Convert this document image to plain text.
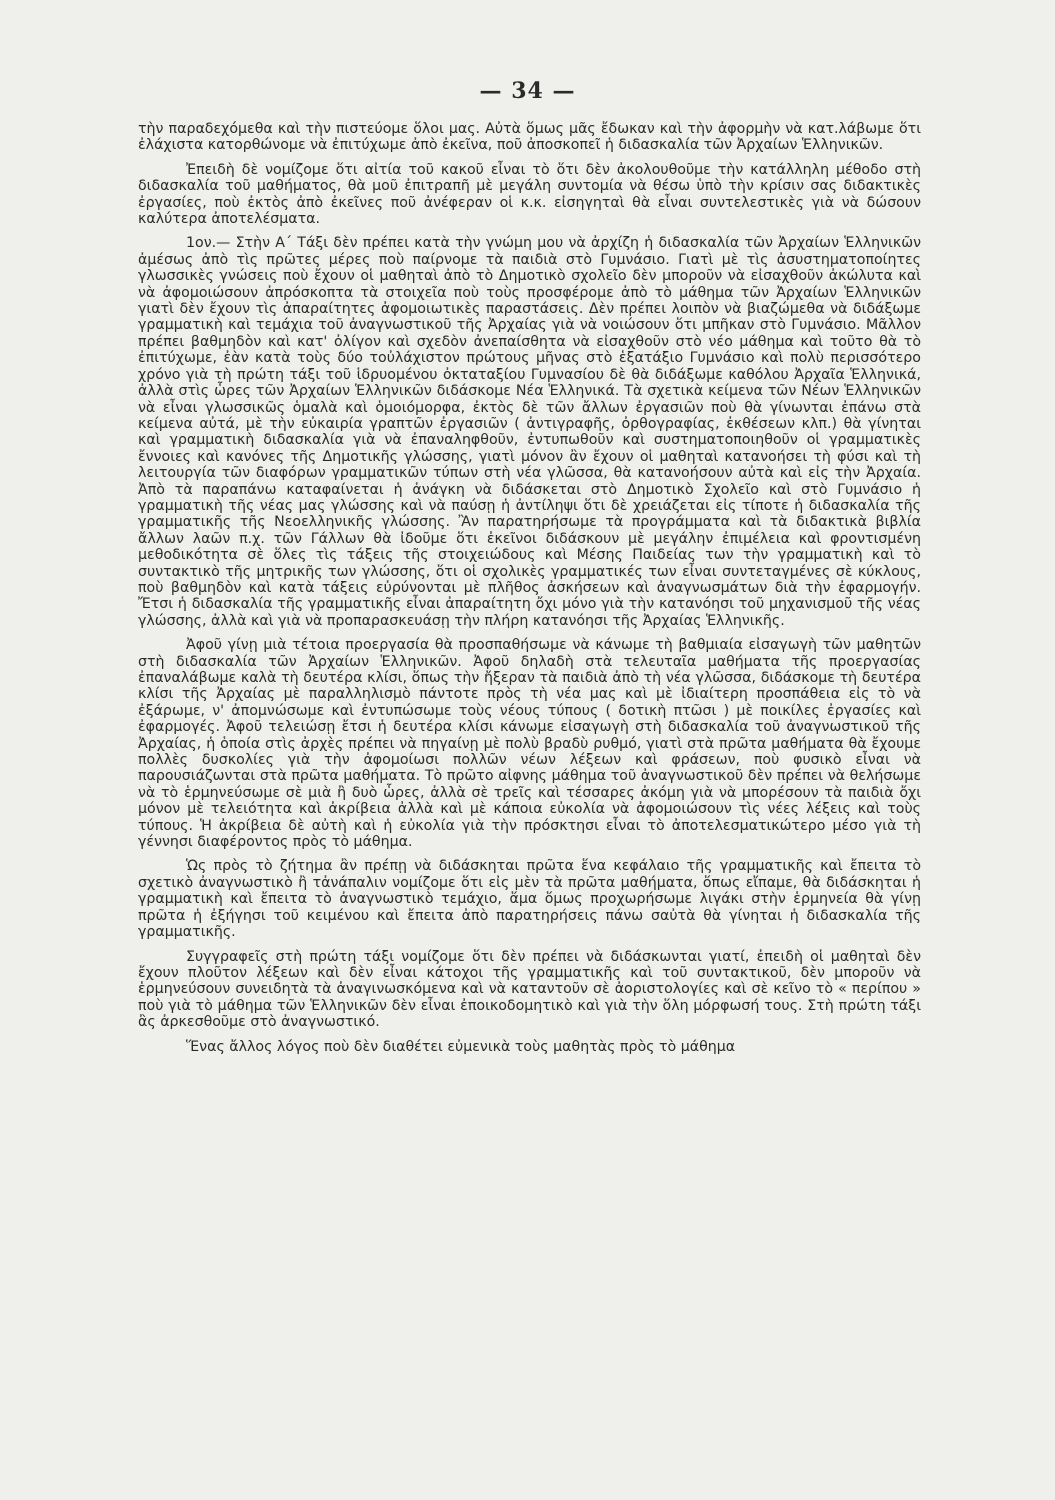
— 34 —

τὴν παραδεχόμεθα καὶ τὴν πιστεύομε ὅλοι μας. Αὐτὰ ὅμως μᾶς ἔδωκαν καὶ τὴν ἀφορμὴν νὰ κατ.λάβωμε ὅτι ἐλάχιστα κατορθώνομε νὰ ἐπιτύχωμε ἀπὸ ἐκεῖνα, ποῦ ἀποσκοπεῖ ἡ διδασκαλία τῶν Ἀρχαίων Ἑλληνικῶν.

Ἐπειδὴ δὲ νομίζομε ὅτι αἰτία τοῦ κακοῦ εἶναι τὸ ὅτι δὲν ἀκολουθοῦμε τὴν κατάλληλη μέθοδο στὴ διδασκαλία τοῦ μαθήματος, θὰ μοῦ ἐπιτραπῆ μὲ μεγάλη συντομία νὰ θέσω ὑπὸ τὴν κρίσιν σας διδακτικὲς ἐργασίες, ποὺ ἐκτὸς ἀπὸ ἐκεῖνες ποῦ ἀνέφεραν οἱ κ.κ. εἰσηγηταὶ θὰ εἶναι συντελεστικὲς γιὰ νὰ δώσουν καλύτερα ἀποτελέσματα.

1ον.— Στὴν Α΄ Τάξι δὲν πρέπει κατὰ τὴν γνώμη μου νὰ ἀρχίζη ἡ διδασκαλία τῶν Ἀρχαίων Ἑλληνικῶν ἀμέσως ἀπὸ τὶς πρῶτες μέρες ποὺ παίρνομε τὰ παιδιὰ στὸ Γυμνάσιο. Γιατὶ μὲ τὶς ἀσυστηματοποίητες γλωσσικὲς γνώσεις ποὺ ἔχουν οἱ μαθηταὶ ἀπὸ τὸ Δημοτικὸ σχολεῖο δὲν μποροῦν νὰ εἰσαχθοῦν ἀκώλυτα καὶ νὰ ἀφομοιώσουν ἀπρόσκοπτα τὰ στοιχεῖα ποὺ τοὺς προσφέρομε ἀπὸ τὸ μάθημα τῶν Ἀρχαίων Ἑλληνικῶν γιατὶ δὲν ἔχουν τὶς ἀπαραίτητες ἀφομοιωτικὲς παραστάσεις. Δὲν πρέπει λοιπὸν νὰ βιαζώμεθα νὰ διδάξωμε γραμματικὴ καὶ τεμάχια τοῦ ἀναγνωστικοῦ τῆς Ἀρχαίας γιὰ νὰ νοιώσουν ὅτι μπῆκαν στὸ Γυμνάσιο. Μᾶλλον πρέπει βαθμηδὸν καὶ κατ' ὀλίγον καὶ σχεδὸν ἀνεπαίσθητα νὰ εἰσαχθοῦν στὸ νέο μάθημα καὶ τοῦτο θὰ τὸ ἐπιτύχωμε, ἐὰν κατὰ τοὺς δύο τοὐλάχιστον πρώτους μῆνας στὸ ἑξατάξιο Γυμνάσιο καὶ πολὺ περισσότερο χρόνο γιὰ τὴ πρώτη τάξι τοῦ ἱδρυομένου ὀκταταξίου Γυμνασίου δὲ θὰ διδάξωμε καθόλου Ἀρχαῖα Ἑλληνικά, ἀλλὰ στὶς ὧρες τῶν Ἀρχαίων Ἑλληνικῶν διδάσκομε Νέα Ἑλληνικά. Τὰ σχετικὰ κείμενα τῶν Νέων Ἑλληνικῶν νὰ εἶναι γλωσσικῶς ὁμαλὰ καὶ ὁμοιόμορφα, ἐκτὸς δὲ τῶν ἄλλων ἐργασιῶν ποὺ θὰ γίνωνται ἐπάνω στὰ κείμενα αὐτά, μὲ τὴν εὐκαιρία γραπτῶν ἐργασιῶν ( ἀντιγραφῆς, ὀρθογραφίας, ἐκθέσεων κλπ.) θὰ γίνηται καὶ γραμματικὴ διδασκαλία γιὰ νὰ ἐπαναληφθοῦν, ἐντυπωθοῦν καὶ συστηματοποιηθοῦν οἱ γραμματικὲς ἔννοιες καὶ κανόνες τῆς Δημοτικῆς γλώσσης, γιατὶ μόνον ἂν ἔχουν οἱ μαθηταὶ κατανοήσει τὴ φύσι καὶ τὴ λειτουργία τῶν διαφόρων γραμματικῶν τύπων στὴ νέα γλῶσσα, θὰ κατανοήσουν αὐτὰ καὶ εἰς τὴν Ἀρχαία. Ἀπὸ τὰ παραπάνω καταφαίνεται ἡ ἀνάγκη νὰ διδάσκεται στὸ Δημοτικὸ Σχολεῖο καὶ στὸ Γυμνάσιο ἡ γραμματικὴ τῆς νέας μας γλώσσης καὶ νὰ παύσῃ ἡ ἀντίληψι ὅτι δὲ χρειάζεται εἰς τίποτε ἡ διδασκαλία τῆς γραμματικῆς τῆς Νεοελληνικῆς γλώσσης. Ἂν παρατηρήσωμε τὰ προγράμματα καὶ τὰ διδακτικὰ βιβλία ἄλλων λαῶν π.χ. τῶν Γάλλων θὰ ἰδοῦμε ὅτι ἐκεῖνοι διδάσκουν μὲ μεγάλην ἐπιμέλεια καὶ φροντισμένη μεθοδικότητα σὲ ὅλες τὶς τάξεις τῆς στοιχειώδους καὶ Μέσης Παιδείας των τὴν γραμματικὴ καὶ τὸ συντακτικὸ τῆς μητρικῆς των γλώσσης, ὅτι οἱ σχολικὲς γραμματικές των εἶναι συντεταγμένες σὲ κύκλους, ποὺ βαθμηδὸν καὶ κατὰ τάξεις εὐρύνονται μὲ πλῆθος ἀσκήσεων καὶ ἀναγνωσμάτων διὰ τὴν ἐφαρμογήν. Ἔτσι ἡ διδασκαλία τῆς γραμματικῆς εἶναι ἀπαραίτητη ὄχι μόνο γιὰ τὴν κατανόησι τοῦ μηχανισμοῦ τῆς νέας γλώσσης, ἀλλὰ καὶ γιὰ νὰ προπαρασκευάσῃ τὴν πλήρη κατανόησι τῆς Ἀρχαίας Ἑλληνικῆς.

Ἀφοῦ γίνῃ μιὰ τέτοια προεργασία θὰ προσπαθήσωμε νὰ κάνωμε τὴ βαθμιαία εἰσαγωγὴ τῶν μαθητῶν στὴ διδασκαλία τῶν Ἀρχαίων Ἑλληνικῶν. Ἀφοῦ δηλαδὴ στὰ τελευταῖα μαθήματα τῆς προεργασίας ἐπαναλάβωμε καλὰ τὴ δευτέρα κλίσι, ὅπως τὴν ἤξεραν τὰ παιδιὰ ἀπὸ τὴ νέα γλῶσσα, διδάσκομε τὴ δευτέρα κλίσι τῆς Ἀρχαίας μὲ παραλληλισμὸ πάντοτε πρὸς τὴ νέα μας καὶ μὲ ἰδιαίτερη προσπάθεια εἰς τὸ νὰ ἐξάρωμε, ν' ἀπομνώσωμε καὶ ἐντυπώσωμε τοὺς νέους τύπους ( δοτικὴ πτῶσι ) μὲ ποικίλες ἐργασίες καὶ ἐφαρμογές. Ἀφοῦ τελειώσῃ ἔτσι ἡ δευτέρα κλίσι κάνωμε εἰσαγωγὴ στὴ διδασκαλία τοῦ ἀναγνωστικοῦ τῆς Ἀρχαίας, ἡ ὁποία στὶς ἀρχὲς πρέπει νὰ πηγαίνῃ μὲ πολὺ βραδὺ ρυθμό, γιατὶ στὰ πρῶτα μαθήματα θὰ ἔχουμε πολλὲς δυσκολίες γιὰ τὴν ἀφομοίωσι πολλῶν νέων λέξεων καὶ φράσεων, ποὺ φυσικὸ εἶναι νὰ παρουσιάζωνται στὰ πρῶτα μαθήματα. Τὸ πρῶτο αἰφνης μάθημα τοῦ ἀναγνωστικοῦ δὲν πρέπει νὰ θελήσωμε νὰ τὸ ἑρμηνεύσωμε σὲ μιὰ ἢ δυὸ ὧρες, ἀλλὰ σὲ τρεῖς καὶ τέσσαρες ἀκόμη γιὰ νὰ μπορέσουν τὰ παιδιὰ ὄχι μόνον μὲ τελειότητα καὶ ἀκρίβεια ἀλλὰ καὶ μὲ κάποια εὐκολία νὰ ἀφομοιώσουν τὶς νέες λέξεις καὶ τοὺς τύπους. Ἡ ἀκρίβεια δὲ αὐτὴ καὶ ἡ εὐκολία γιὰ τὴν πρόσκτησι εἶναι τὸ ἀποτελεσματικώτερο μέσο γιὰ τὴ γέννησι διαφέροντος πρὸς τὸ μάθημα.

Ὡς πρὸς τὸ ζήτημα ἂν πρέπῃ νὰ διδάσκηται πρῶτα ἕνα κεφάλαιο τῆς γραμματικῆς καὶ ἔπειτα τὸ σχετικὸ ἀναγνωστικὸ ἢ τἀνάπαλιν νομίζομε ὅτι εἰς μὲν τὰ πρῶτα μαθήματα, ὅπως εἴπαμε, θὰ διδάσκηται ἡ γραμματικὴ καὶ ἔπειτα τὸ ἀναγνωστικὸ τεμάχιο, ἅμα ὅμως προχωρήσωμε λιγάκι στὴν ἑρμηνεία θὰ γίνῃ πρῶτα ἡ ἐξήγησι τοῦ κειμένου καὶ ἔπειτα ἀπὸ παρατηρήσεις πάνω σαὐτὰ θὰ γίνηται ἡ διδασκαλία τῆς γραμματικῆς.

Συγγραφεῖς στὴ πρώτη τάξι νομίζομε ὅτι δὲν πρέπει νὰ διδάσκωνται γιατί, ἐπειδὴ οἱ μαθηταὶ δὲν ἔχουν πλοῦτον λέξεων καὶ δὲν εἶναι κάτοχοι τῆς γραμματικῆς καὶ τοῦ συντακτικοῦ, δὲν μποροῦν νὰ ἑρμηνεύσουν συνειδητὰ τὰ ἀναγινωσκόμενα καὶ νὰ καταντοῦν σὲ ἀοριστολογίες καὶ σὲ κεῖνο τὸ « περίπου » ποὺ γιὰ τὸ μάθημα τῶν Ἑλληνικῶν δὲν εἶναι ἐποικοδομητικὸ καὶ γιὰ τὴν ὅλη μόρφωσή τους. Στὴ πρώτη τάξι ἂς ἀρκεσθοῦμε στὸ ἀναγνωστικό.

Ἕνας ἄλλος λόγος ποὺ δὲν διαθέτει εὐμενικὰ τοὺς μαθητὰς πρὸς τὸ μάθημα
